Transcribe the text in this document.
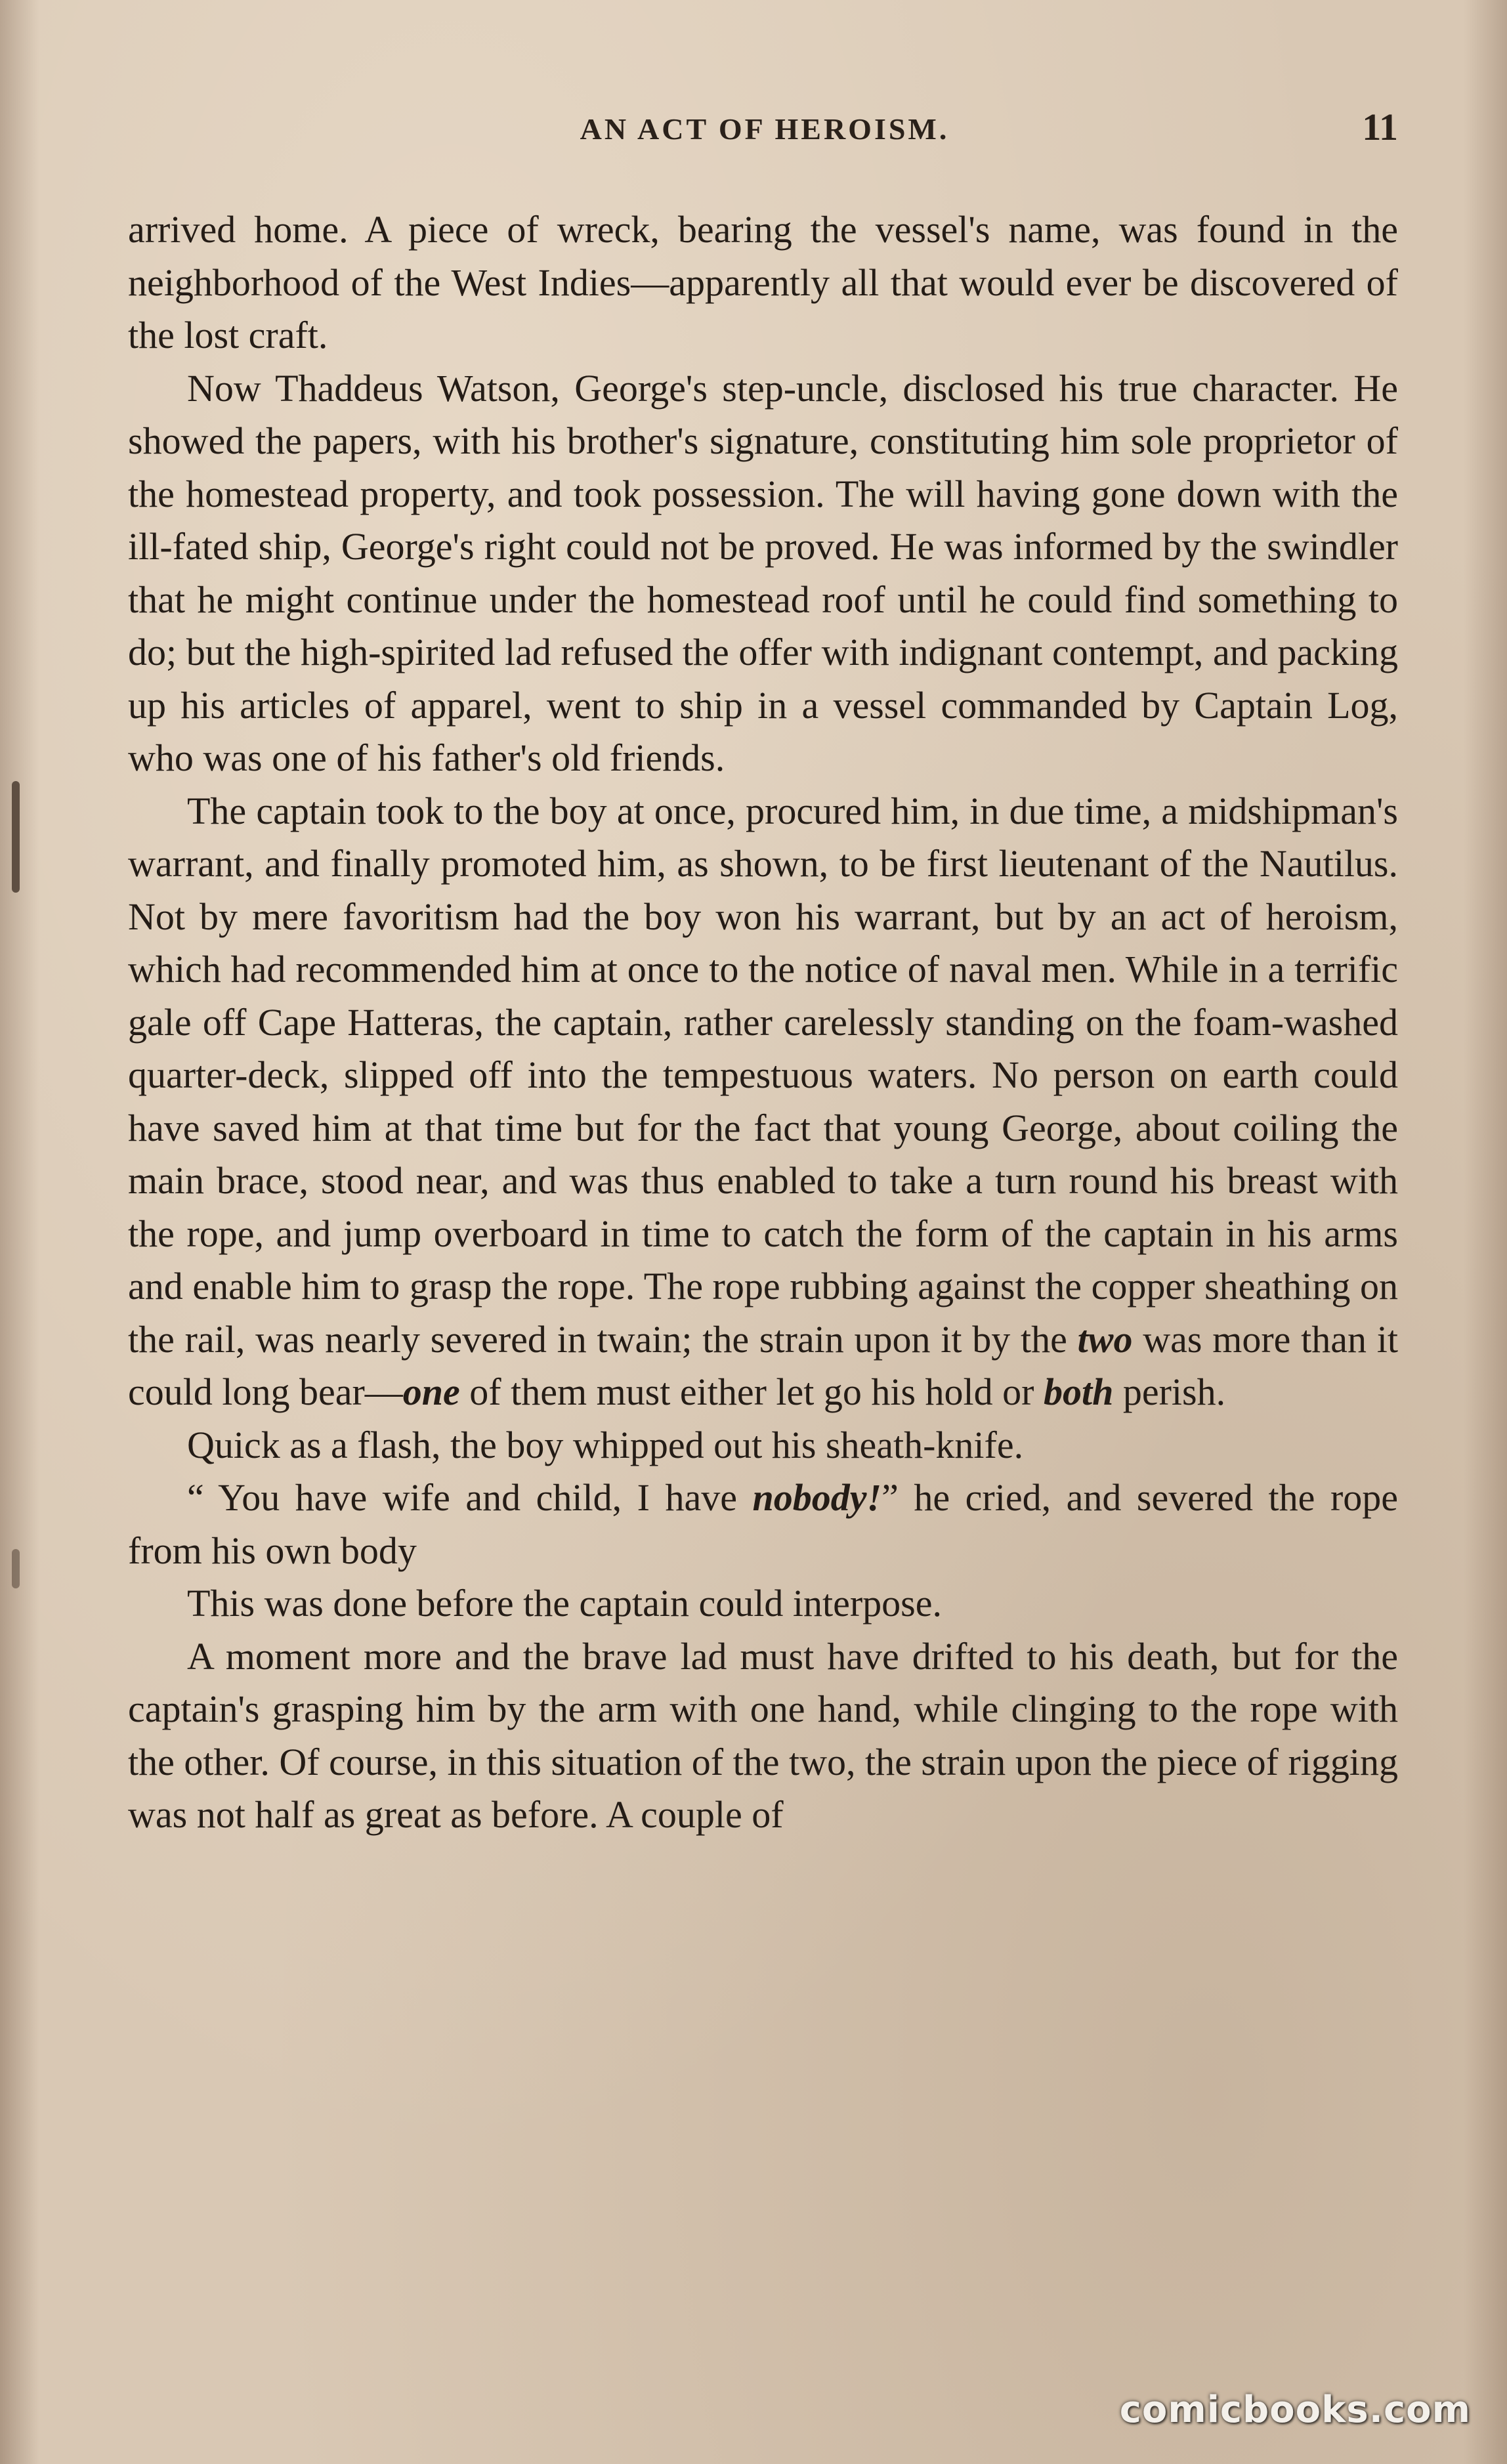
AN ACT OF HEROISM.	11

arrived home. A piece of wreck, bearing the vessel's name, was found in the neighborhood of the West Indies—apparently all that would ever be discovered of the lost craft.

Now Thaddeus Watson, George's step-uncle, disclosed his true character. He showed the papers, with his brother's signature, constituting him sole proprietor of the homestead property, and took possession. The will having gone down with the ill-fated ship, George's right could not be proved. He was informed by the swindler that he might continue under the homestead roof until he could find something to do; but the high-spirited lad refused the offer with indignant contempt, and packing up his articles of apparel, went to ship in a vessel commanded by Captain Log, who was one of his father's old friends.

The captain took to the boy at once, procured him, in due time, a midshipman's warrant, and finally promoted him, as shown, to be first lieutenant of the Nautilus. Not by mere favoritism had the boy won his warrant, but by an act of heroism, which had recommended him at once to the notice of naval men. While in a terrific gale off Cape Hatteras, the captain, rather carelessly standing on the foam-washed quarter-deck, slipped off into the tempestuous waters. No person on earth could have saved him at that time but for the fact that young George, about coiling the main brace, stood near, and was thus enabled to take a turn round his breast with the rope, and jump overboard in time to catch the form of the captain in his arms and enable him to grasp the rope. The rope rubbing against the copper sheathing on the rail, was nearly severed in twain; the strain upon it by the two was more than it could long bear—one of them must either let go his hold or both perish.

Quick as a flash, the boy whipped out his sheath-knife.

“ You have wife and child, I have nobody!” he cried, and severed the rope from his own body

This was done before the captain could interpose.

A moment more and the brave lad must have drifted to his death, but for the captain's grasping him by the arm with one hand, while clinging to the rope with the other. Of course, in this situation of the two, the strain upon the piece of rigging was not half as great as before. A couple of

comicbooks.com
